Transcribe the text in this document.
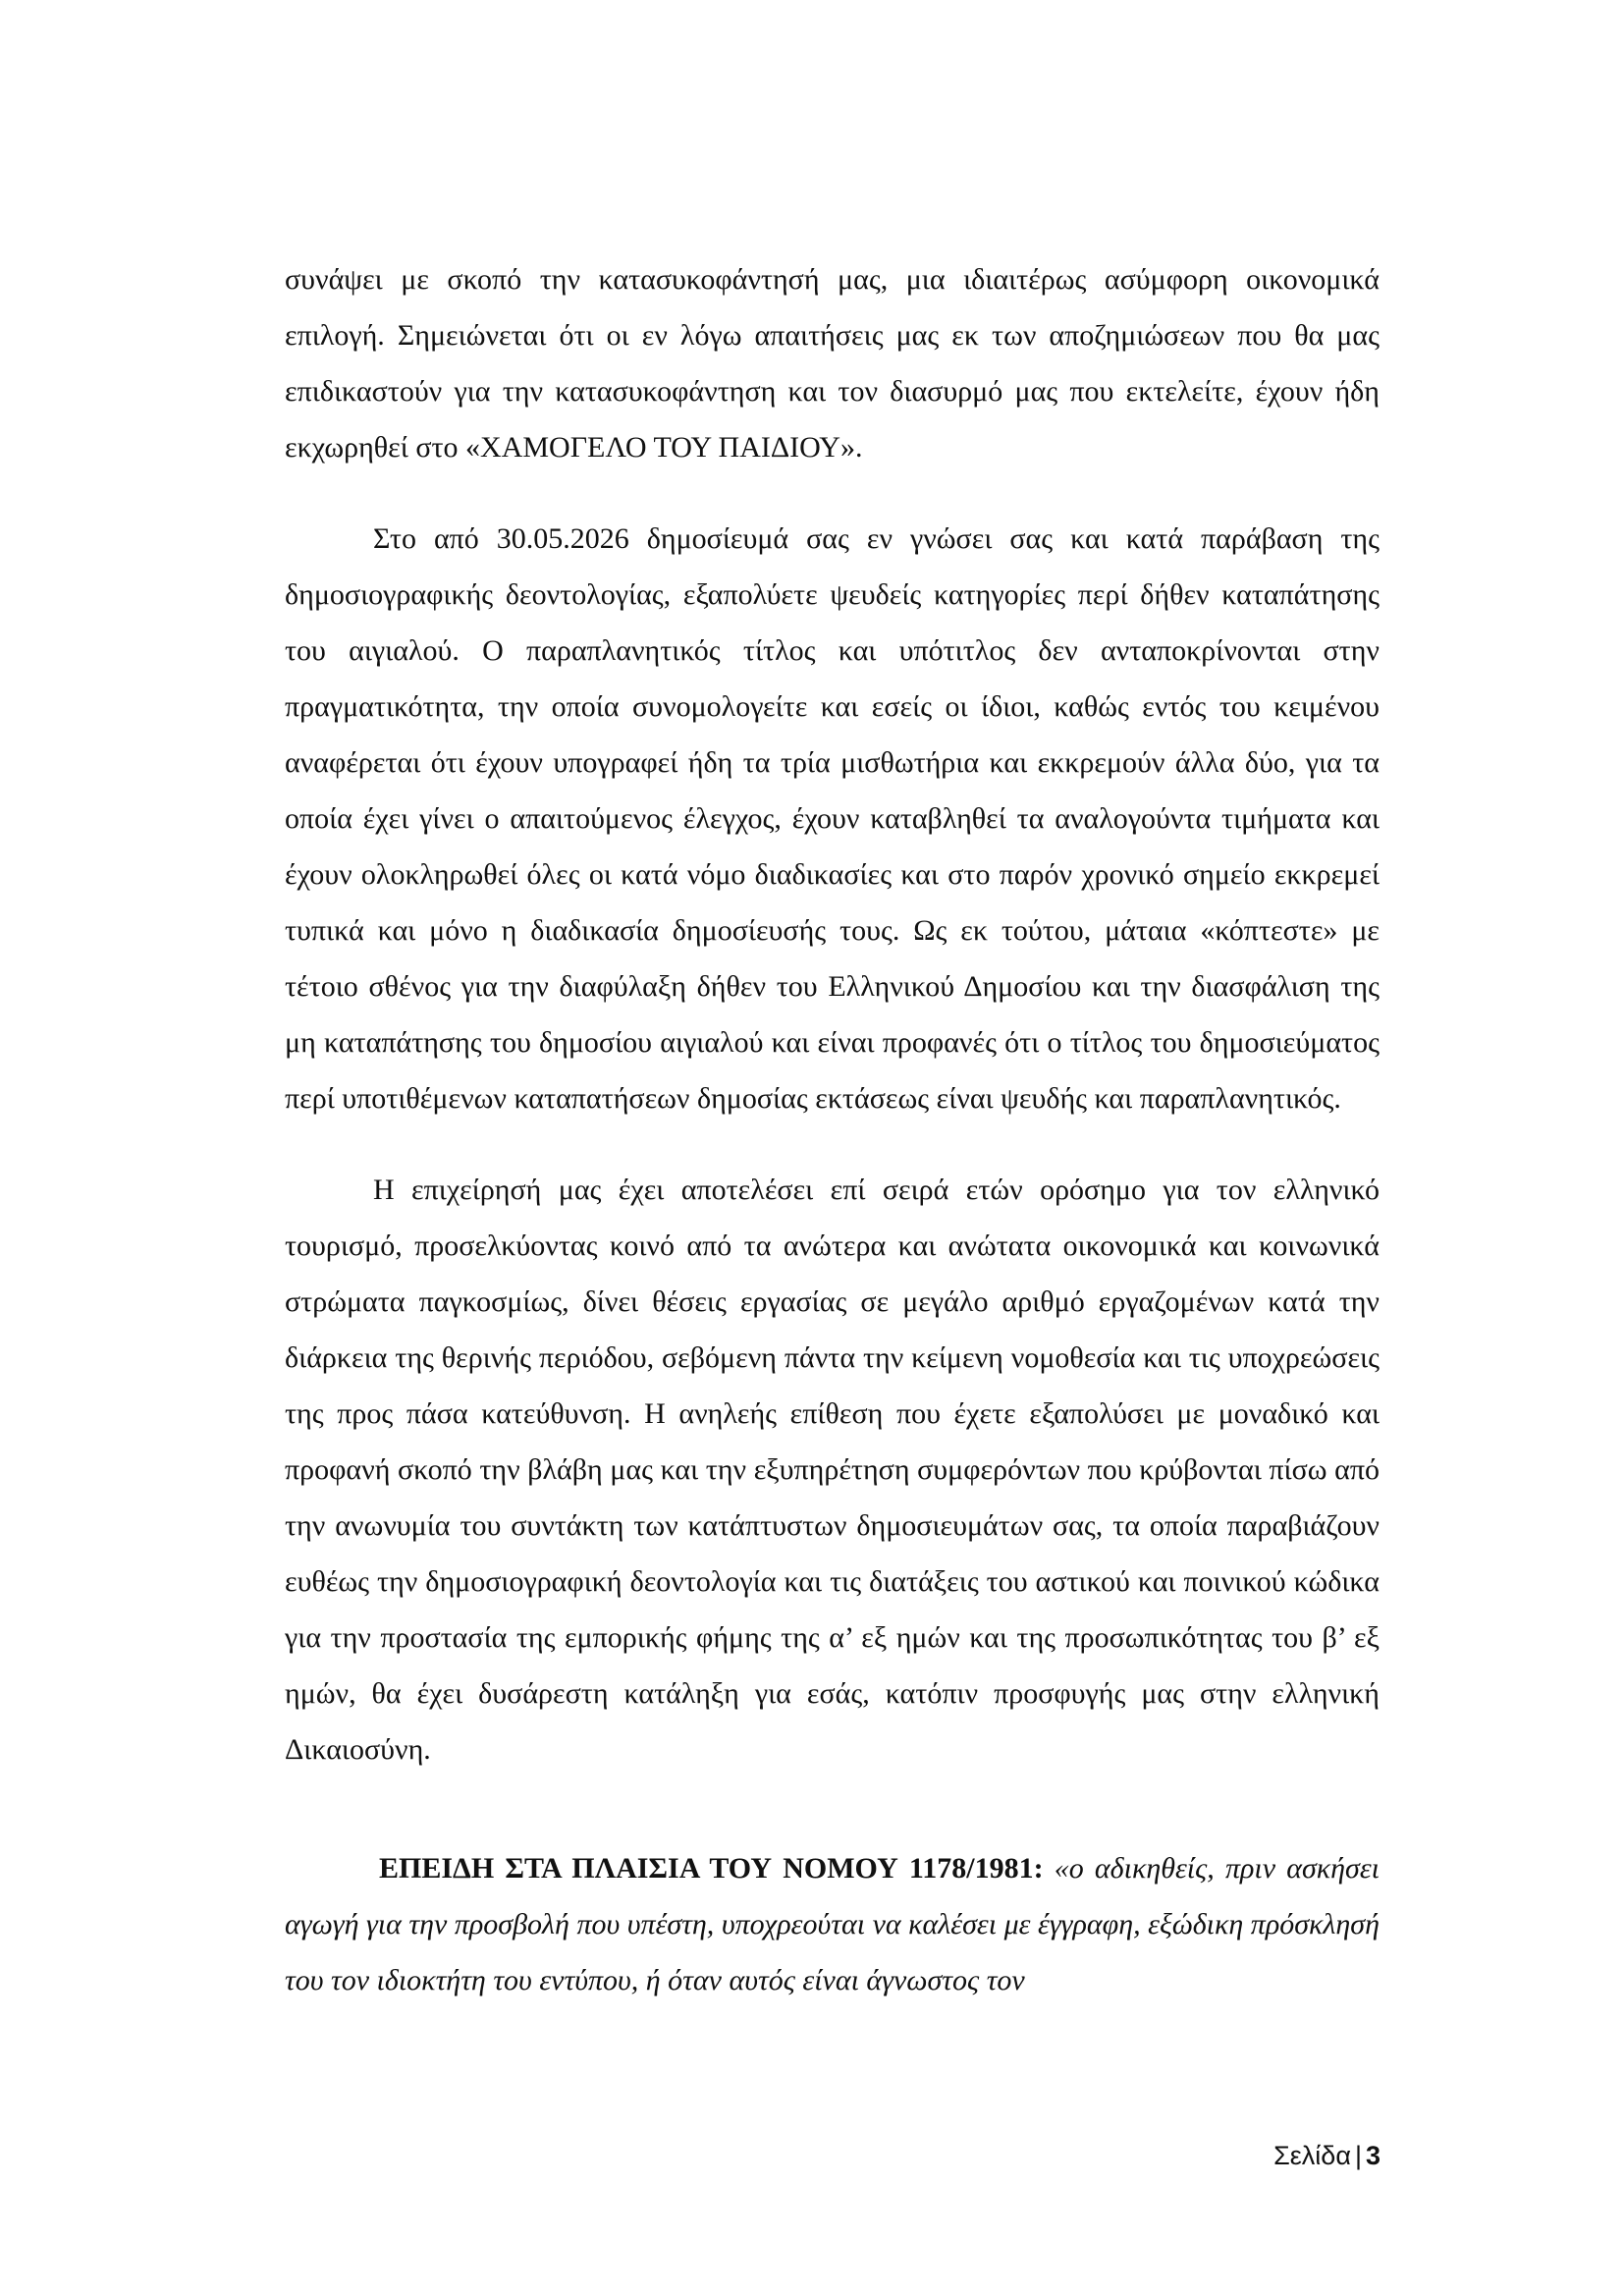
συνάψει με σκοπό την κατασυκοφάντησή μας, μια ιδιαιτέρως ασύμφορη οικονομικά επιλογή. Σημειώνεται ότι οι εν λόγω απαιτήσεις μας εκ των αποζημιώσεων που θα μας επιδικαστούν για την κατασυκοφάντηση και τον διασυρμό μας που εκτελείτε, έχουν ήδη εκχωρηθεί στο «ΧΑΜΟΓΕΛΟ ΤΟΥ ΠΑΙΔΙΟΥ».

Στο από 30.05.2026 δημοσίευμά σας εν γνώσει σας και κατά παράβαση της δημοσιογραφικής δεοντολογίας, εξαπολύετε ψευδείς κατηγορίες περί δήθεν καταπάτησης του αιγιαλού. Ο παραπλανητικός τίτλος και υπότιτλος δεν ανταποκρίνονται στην πραγματικότητα, την οποία συνομολογείτε και εσείς οι ίδιοι, καθώς εντός του κειμένου αναφέρεται ότι έχουν υπογραφεί ήδη τα τρία μισθωτήρια και εκκρεμούν άλλα δύο, για τα οποία έχει γίνει ο απαιτούμενος έλεγχος, έχουν καταβληθεί τα αναλογούντα τιμήματα και έχουν ολοκληρωθεί όλες οι κατά νόμο διαδικασίες και στο παρόν χρονικό σημείο εκκρεμεί τυπικά και μόνο η διαδικασία δημοσίευσής τους. Ως εκ τούτου, μάταια «κόπτεστε» με τέτοιο σθένος για την διαφύλαξη δήθεν του Ελληνικού Δημοσίου και την διασφάλιση της μη καταπάτησης του δημοσίου αιγιαλού και είναι προφανές ότι ο τίτλος του δημοσιεύματος περί υποτιθέμενων καταπατήσεων δημοσίας εκτάσεως είναι ψευδής και παραπλανητικός.

Η επιχείρησή μας έχει αποτελέσει επί σειρά ετών ορόσημο για τον ελληνικό τουρισμό, προσελκύοντας κοινό από τα ανώτερα και ανώτατα οικονομικά και κοινωνικά στρώματα παγκοσμίως, δίνει θέσεις εργασίας σε μεγάλο αριθμό εργαζομένων κατά την διάρκεια της θερινής περιόδου, σεβόμενη πάντα την κείμενη νομοθεσία και τις υποχρεώσεις της προς πάσα κατεύθυνση. Η ανηλεής επίθεση που έχετε εξαπολύσει με μοναδικό και προφανή σκοπό την βλάβη μας και την εξυπηρέτηση συμφερόντων που κρύβονται πίσω από την ανωνυμία του συντάκτη των κατάπτυστων δημοσιευμάτων σας, τα οποία παραβιάζουν ευθέως την δημοσιογραφική δεοντολογία και τις διατάξεις του αστικού και ποινικού κώδικα για την προστασία της εμπορικής φήμης της α’ εξ ημών και της προσωπικότητας του β’ εξ ημών, θα έχει δυσάρεστη κατάληξη για εσάς, κατόπιν προσφυγής μας στην ελληνική Δικαιοσύνη.

ΕΠΕΙΔΗ ΣΤΑ ΠΛΑΙΣΙΑ ΤΟΥ ΝΟΜΟΥ 1178/1981: «ο αδικηθείς, πριν ασκήσει αγωγή για την προσβολή που υπέστη, υποχρεούται να καλέσει με έγγραφη, εξώδικη πρόσκλησή του τον ιδιοκτήτη του εντύπου, ή όταν αυτός είναι άγνωστος τον

Σελίδα | 3
